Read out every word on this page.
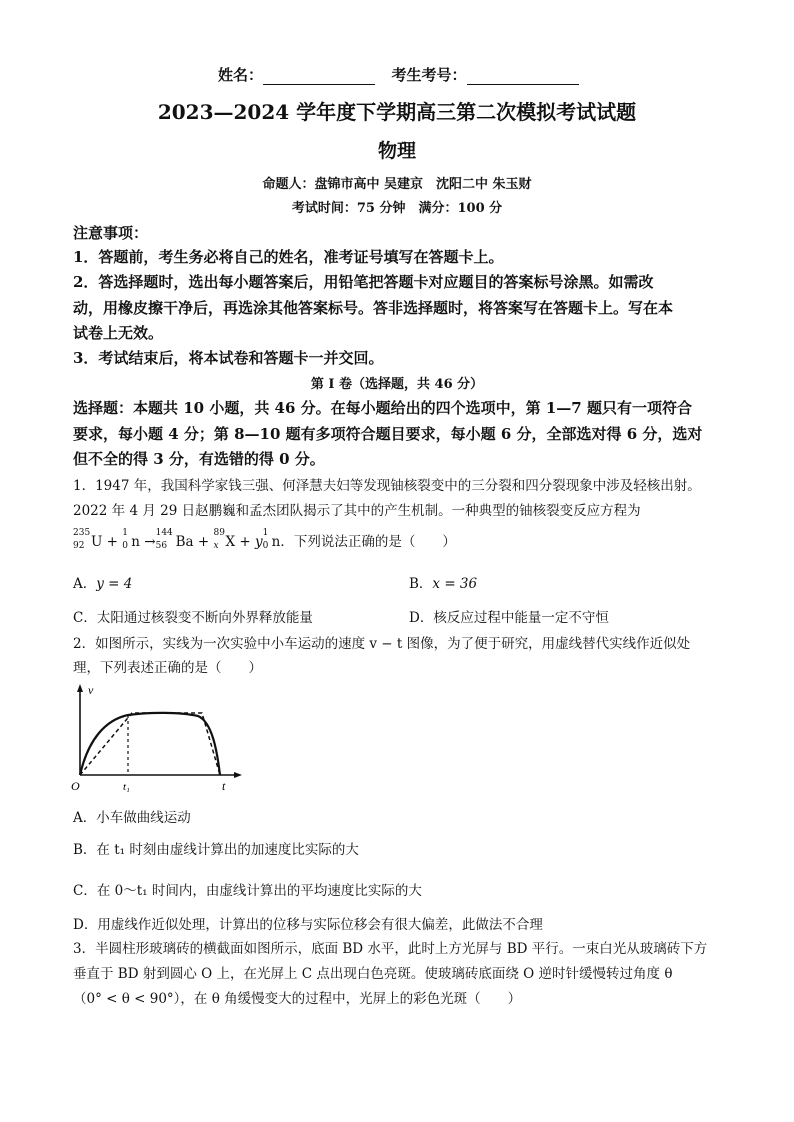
姓名：	考生考号：
2023—2024 学年度下学期高三第二次模拟考试试题
物理
命题人：盘锦市高中 吴建京　沈阳二中 朱玉财
考试时间：75 分钟　满分：100 分
注意事项：
1．答题前，考生务必将自己的姓名，准考证号填写在答题卡上。
2．答选择题时，选出每小题答案后，用铅笔把答题卡对应题目的答案标号涂黑。如需改
动，用橡皮擦干净后，再选涂其他答案标号。答非选择题时，将答案写在答题卡上。写在本
试卷上无效。
3．考试结束后，将本试卷和答题卡一并交回。
第 I 卷（选择题，共 46 分）
选择题：本题共 10 小题，共 46 分。在每小题给出的四个选项中，第 1—7 题只有一项符合
要求，每小题 4 分；第 8—10 题有多项符合题目要求，每小题 6 分，全部选对得 6 分，选对
但不全的得 3 分，有选错的得 0 分。
1．1947 年，我国科学家钱三强、何泽慧夫妇等发现铀核裂变中的三分裂和四分裂现象中涉及轻核出射。
2022 年 4 月 29 日赵鹏巍和孟杰团队揭示了其中的产生机制。一种典型的铀核裂变反应方程为
235
92 U +
1
0 n →
144
56 Ba +
89
x X + y
1
0 n．下列说法正确的是（　　）
A．y = 4	B．x = 36
C．太阳通过核裂变不断向外界释放能量	D．核反应过程中能量一定不守恒
2．如图所示，实线为一次实验中小车运动的速度 v − t 图像，为了便于研究，用虚线替代实线作近似处
理，下列表述正确的是（　　）
v
O	t₁	t
A．小车做曲线运动
B．在 t₁ 时刻由虚线计算出的加速度比实际的大
C．在 0～t₁ 时间内，由虚线计算出的平均速度比实际的大
D．用虚线作近似处理，计算出的位移与实际位移会有很大偏差，此做法不合理
3．半圆柱形玻璃砖的横截面如图所示，底面 BD 水平，此时上方光屏与 BD 平行。一束白光从玻璃砖下方
垂直于 BD 射到圆心 O 上，在光屏上 C 点出现白色亮斑。使玻璃砖底面绕 O 逆时针缓慢转过角度 θ
（0° < θ < 90°），在 θ 角缓慢变大的过程中，光屏上的彩色光斑（　　）
